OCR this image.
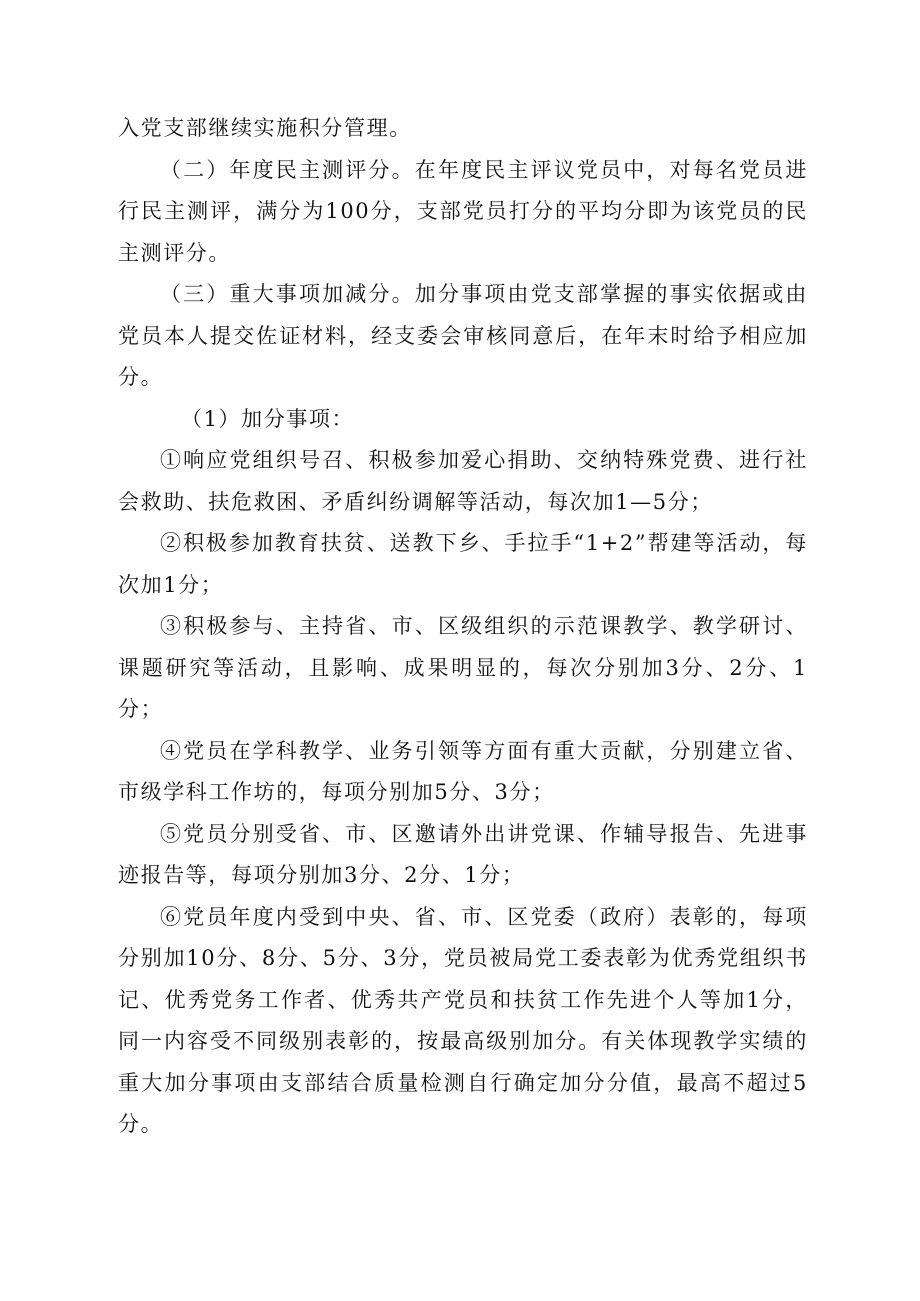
入党支部继续实施积分管理。

（二）年度民主测评分。在年度民主评议党员中，对每名党员进行民主测评，满分为100分，支部党员打分的平均分即为该党员的民主测评分。

（三）重大事项加减分。加分事项由党支部掌握的事实依据或由党员本人提交佐证材料，经支委会审核同意后，在年末时给予相应加分。

（1）加分事项：

①响应党组织号召、积极参加爱心捐助、交纳特殊党费、进行社会救助、扶危救困、矛盾纠纷调解等活动，每次加1—5分；

②积极参加教育扶贫、送教下乡、手拉手“1+2”帮建等活动，每次加1分；

③积极参与、主持省、市、区级组织的示范课教学、教学研讨、课题研究等活动，且影响、成果明显的，每次分别加3分、2分、1分；

④党员在学科教学、业务引领等方面有重大贡献，分别建立省、市级学科工作坊的，每项分别加5分、3分；

⑤党员分别受省、市、区邀请外出讲党课、作辅导报告、先进事迹报告等，每项分别加3分、2分、1分；

⑥党员年度内受到中央、省、市、区党委（政府）表彰的，每项分别加10分、8分、5分、3分，党员被局党工委表彰为优秀党组织书记、优秀党务工作者、优秀共产党员和扶贫工作先进个人等加1分，同一内容受不同级别表彰的，按最高级别加分。有关体现教学实绩的重大加分事项由支部结合质量检测自行确定加分分值，最高不超过5分。
